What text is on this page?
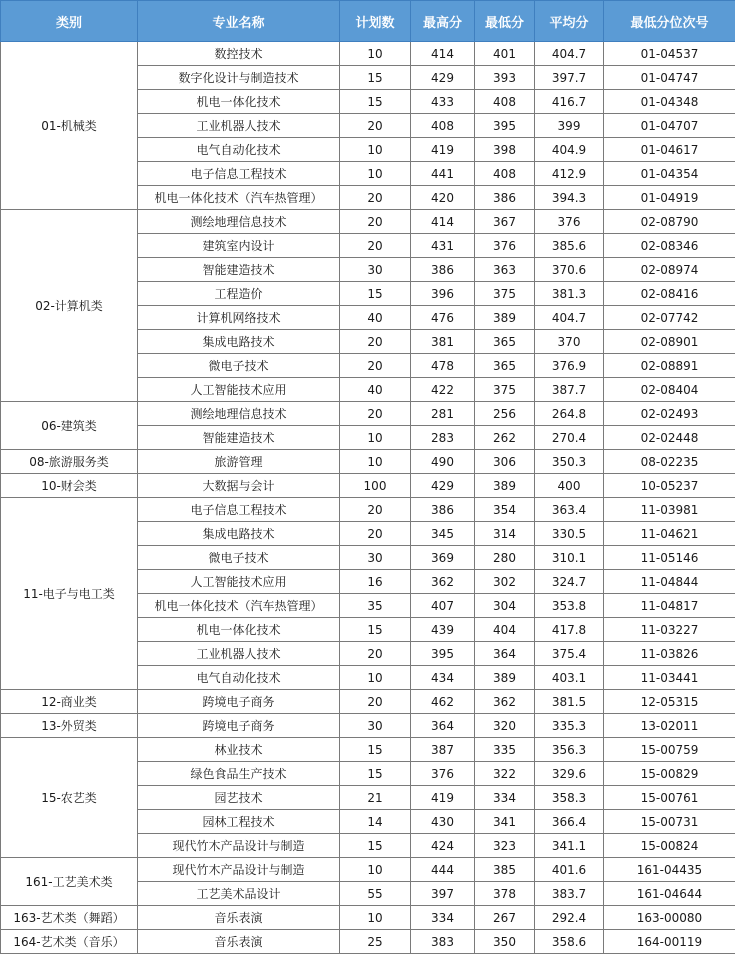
类别	专业名称	计划数	最高分	最低分	平均分	最低分位次号
01-机械类	数控技术	10	414	401	404.7	01-04537
	数字化设计与制造技术	15	429	393	397.7	01-04747
	机电一体化技术	15	433	408	416.7	01-04348
	工业机器人技术	20	408	395	399	01-04707
	电气自动化技术	10	419	398	404.9	01-04617
	电子信息工程技术	10	441	408	412.9	01-04354
	机电一体化技术（汽车热管理）	20	420	386	394.3	01-04919
02-计算机类	测绘地理信息技术	20	414	367	376	02-08790
	建筑室内设计	20	431	376	385.6	02-08346
	智能建造技术	30	386	363	370.6	02-08974
	工程造价	15	396	375	381.3	02-08416
	计算机网络技术	40	476	389	404.7	02-07742
	集成电路技术	20	381	365	370	02-08901
	微电子技术	20	478	365	376.9	02-08891
	人工智能技术应用	40	422	375	387.7	02-08404
06-建筑类	测绘地理信息技术	20	281	256	264.8	02-02493
	智能建造技术	10	283	262	270.4	02-02448
08-旅游服务类	旅游管理	10	490	306	350.3	08-02235
10-财会类	大数据与会计	100	429	389	400	10-05237
11-电子与电工类	电子信息工程技术	20	386	354	363.4	11-03981
	集成电路技术	20	345	314	330.5	11-04621
	微电子技术	30	369	280	310.1	11-05146
	人工智能技术应用	16	362	302	324.7	11-04844
	机电一体化技术（汽车热管理）	35	407	304	353.8	11-04817
	机电一体化技术	15	439	404	417.8	11-03227
	工业机器人技术	20	395	364	375.4	11-03826
	电气自动化技术	10	434	389	403.1	11-03441
12-商业类	跨境电子商务	20	462	362	381.5	12-05315
13-外贸类	跨境电子商务	30	364	320	335.3	13-02011
15-农艺类	林业技术	15	387	335	356.3	15-00759
	绿色食品生产技术	15	376	322	329.6	15-00829
	园艺技术	21	419	334	358.3	15-00761
	园林工程技术	14	430	341	366.4	15-00731
	现代竹木产品设计与制造	15	424	323	341.1	15-00824
161-工艺美术类	现代竹木产品设计与制造	10	444	385	401.6	161-04435
	工艺美术品设计	55	397	378	383.7	161-04644
163-艺术类（舞蹈）	音乐表演	10	334	267	292.4	163-00080
164-艺术类（音乐）	音乐表演	25	383	350	358.6	164-00119
